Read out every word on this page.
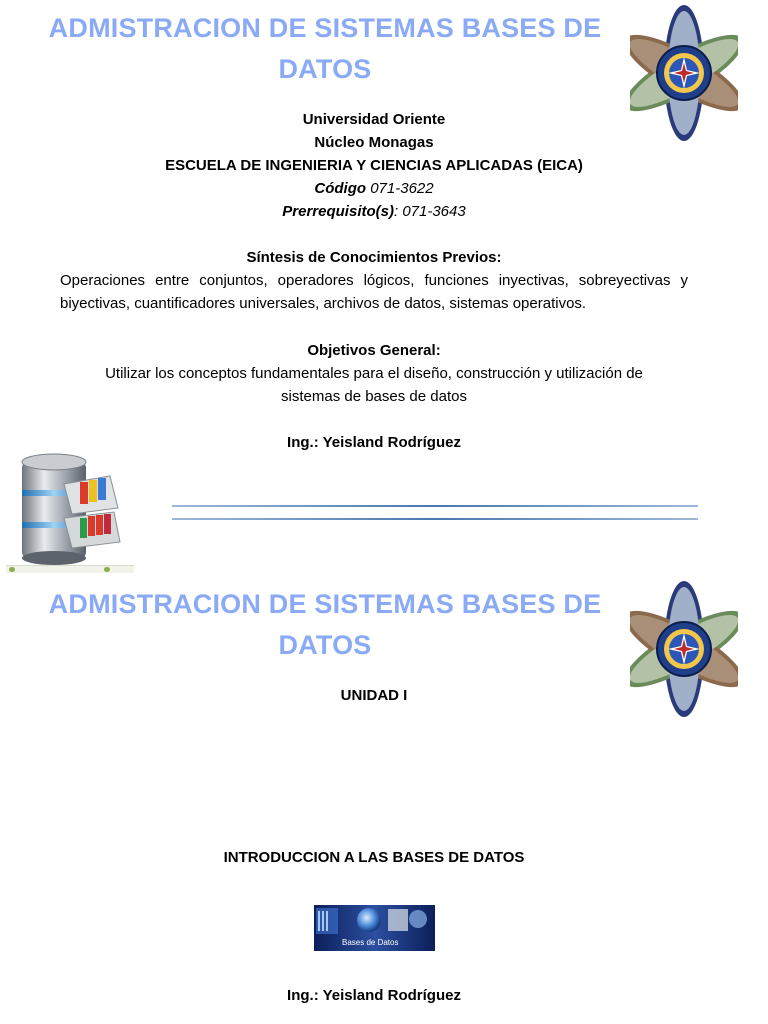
ADMISTRACION DE SISTEMAS BASES DE DATOS
Universidad Oriente
Núcleo Monagas
ESCUELA DE INGENIERIA Y CIENCIAS APLICADAS (EICA)
Código 071-3622
Prerrequisito(s): 071-3643
Síntesis de Conocimientos Previos:

Operaciones entre conjuntos, operadores lógicos, funciones inyectivas, sobreyectivas y biyectivas, cuantificadores universales, archivos de datos, sistemas operativos.

Objetivos General:
Utilizar los conceptos fundamentales para el diseño, construcción y utilización de
sistemas de bases de datos
Ing.: Yeisland Rodríguez
ADMISTRACION DE SISTEMAS BASES DE DATOS
UNIDAD I
INTRODUCCION A LAS BASES DE DATOS
Bases de Datos
Ing.: Yeisland Rodríguez
